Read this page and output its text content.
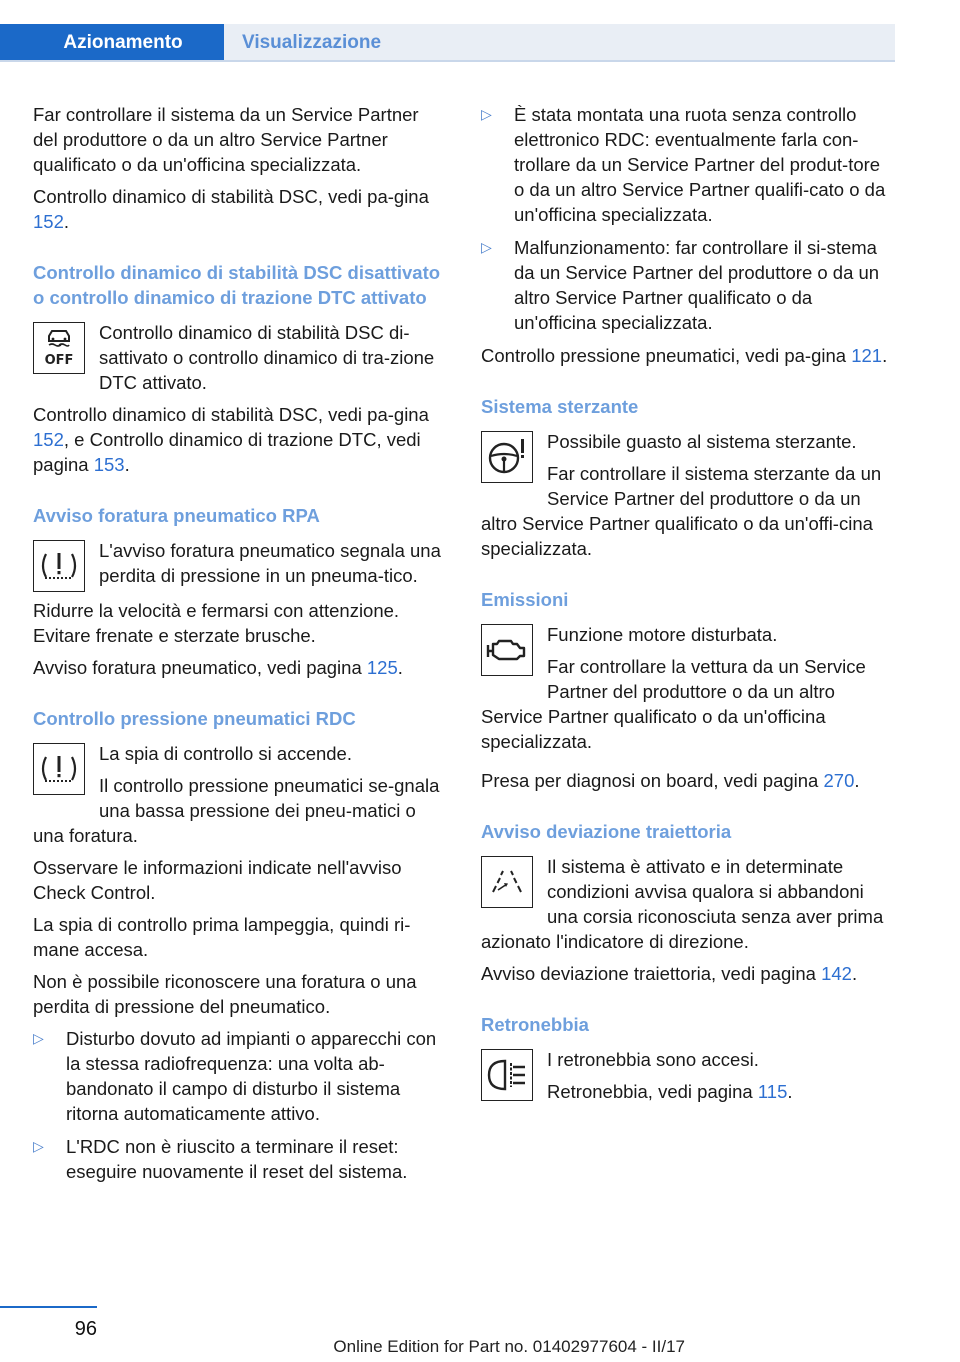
Azionamento	Visualizzazione

Far controllare il sistema da un Service Partner del produttore o da un altro Service Partner qualificato o da un'officina specializzata.

Controllo dinamico di stabilità DSC, vedi pa-gina 152.

Controllo dinamico di stabilità DSC disattivato o controllo dinamico di trazione DTC attivato
OFF

Controllo dinamico di stabilità DSC di-sattivato o controllo dinamico di tra-zione DTC attivato.

Controllo dinamico di stabilità DSC, vedi pa-gina 152, e Controllo dinamico di trazione DTC, vedi pagina 153.

Avviso foratura pneumatico RPA

L'avviso foratura pneumatico segnala una perdita di pressione in un pneuma-tico.

Ridurre la velocità e fermarsi con attenzione. Evitare frenate e sterzate brusche.

Avviso foratura pneumatico, vedi pagina 125.

Controllo pressione pneumatici RDC

La spia di controllo si accende.

Il controllo pressione pneumatici se-gnala una bassa pressione dei pneu-matici o una foratura.

Osservare le informazioni indicate nell'avviso Check Control.

La spia di controllo prima lampeggia, quindi ri-mane accesa.

Non è possibile riconoscere una foratura o una perdita di pressione del pneumatico.

▷ Disturbo dovuto ad impianti o apparecchi con la stessa radiofrequenza: una volta ab-bandonato il campo di disturbo il sistema ritorna automaticamente attivo.
▷ L'RDC non è riuscito a terminare il reset: eseguire nuovamente il reset del sistema.
▷ È stata montata una ruota senza controllo elettronico RDC: eventualmente farla con-trollare da un Service Partner del produt-tore o da un altro Service Partner qualifi-cato o da un'officina specializzata.
▷ Malfunzionamento: far controllare il si-stema da un Service Partner del produttore o da un altro Service Partner qualificato o da un'officina specializzata.

Controllo pressione pneumatici, vedi pa-gina 121.

Sistema sterzante

Possibile guasto al sistema sterzante.

Far controllare il sistema sterzante da un Service Partner del produttore o da un altro Service Partner qualificato o da un'offi-cina specializzata.

Emissioni

Funzione motore disturbata.

Far controllare la vettura da un Service Partner del produttore o da un altro Service Partner qualificato o da un'officina specializzata.

Presa per diagnosi on board, vedi pagina 270.

Avviso deviazione traiettoria

Il sistema è attivato e in determinate condizioni avvisa qualora si abbandoni una corsia riconosciuta senza aver prima azionato l'indicatore di direzione.

Avviso deviazione traiettoria, vedi pagina 142.

Retronebbia

I retronebbia sono accesi.

Retronebbia, vedi pagina 115.

96
Online Edition for Part no. 01402977604 - II/17
